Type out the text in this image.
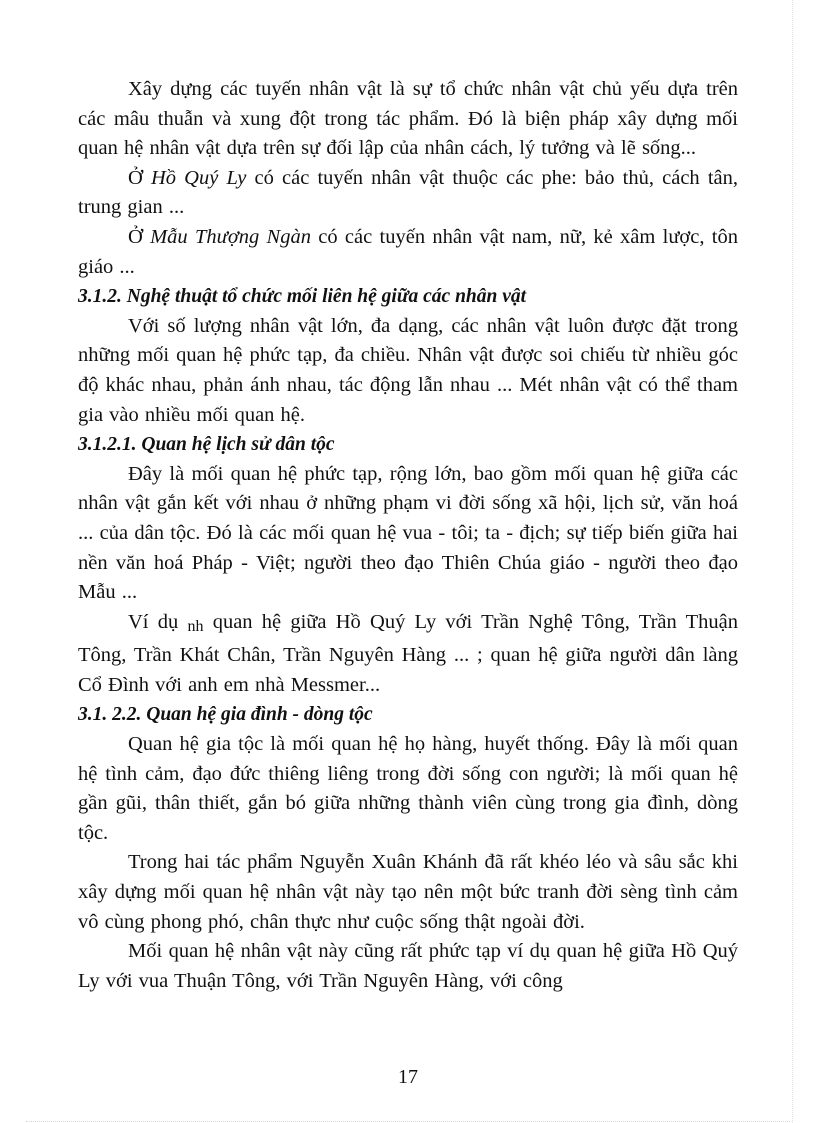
Xây dựng các tuyến nhân vật là sự tổ chức nhân vật chủ yếu dựa trên các mâu thuẫn và xung đột trong tác phẩm. Đó là biện pháp xây dựng mối quan hệ nhân vật dựa trên sự đối lập của nhân cách, lý tưởng và lẽ sống...

Ở Hồ Quý Ly có các tuyến nhân vật thuộc các phe: bảo thủ, cách tân, trung gian ...

Ở Mẫu Thượng Ngàn có các tuyến nhân vật nam, nữ, kẻ xâm lược, tôn giáo ...

3.1.2. Nghệ thuật tổ chức mối liên hệ giữa các nhân vật

Với số lượng nhân vật lớn, đa dạng, các nhân vật luôn được đặt trong những mối quan hệ phức tạp, đa chiều. Nhân vật được soi chiếu từ nhiều góc độ khác nhau, phản ánh nhau, tác động lẫn nhau ... Mét nhân vật có thể tham gia vào nhiều mối quan hệ.

3.1.2.1. Quan hệ lịch sử dân tộc

Đây là mối quan hệ phức tạp, rộng lớn, bao gồm mối quan hệ giữa các nhân vật gắn kết với nhau ở những phạm vi đời sống xã hội, lịch sử, văn hoá ... của dân tộc. Đó là các mối quan hệ vua - tôi; ta - địch; sự tiếp biến giữa hai nền văn hoá Pháp - Việt; người theo đạo Thiên Chúa giáo - người theo đạo Mẫu ...

Ví dụ nh quan hệ giữa Hồ Quý Ly với Trần Nghệ Tông, Trần Thuận Tông, Trần Khát Chân, Trần Nguyên Hàng ... ; quan hệ giữa người dân làng Cổ Đình với anh em nhà Messmer...

3.1. 2.2. Quan hệ gia đình - dòng tộc

Quan hệ gia tộc là mối quan hệ họ hàng, huyết thống. Đây là mối quan hệ tình cảm, đạo đức thiêng liêng trong đời sống con người; là mối quan hệ gần gũi, thân thiết, gắn bó giữa những thành viên cùng trong gia đình, dòng tộc.

Trong hai tác phẩm Nguyễn Xuân Khánh đã rất khéo léo và sâu sắc khi xây dựng mối quan hệ nhân vật này tạo nên một bức tranh đời sèng tình cảm vô cùng phong phó, chân thực như cuộc sống thật ngoài đời.

Mối quan hệ nhân vật này cũng rất phức tạp ví dụ quan hệ giữa Hồ Quý Ly với vua Thuận Tông, với Trần Nguyên Hàng, với công

17
